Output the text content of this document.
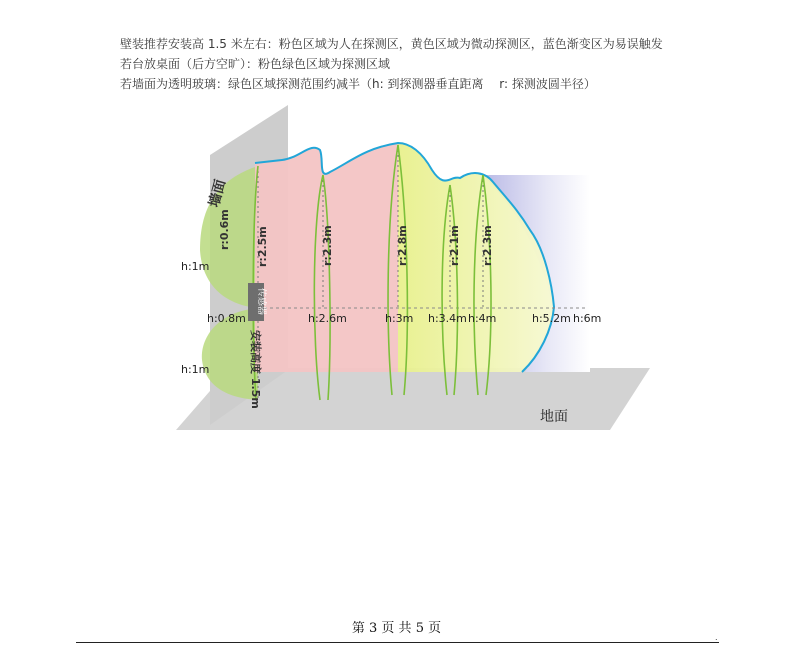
壁装推荐安装高 1.5 米左右：粉色区域为人在探测区，黄色区域为微动探测区，蓝色渐变区为易误触发
若台放桌面（后方空旷）：粉色绿色区域为探测区域
若墙面为透明玻璃：绿色区域探测范围约减半（h: 到探测器垂直距离　 r: 探测波圆半径）
墙面
地面
传感器
安装高度 1.5m
h:1m
h:1m
r:0.6m r:2.5m	r:2.3m	r:2.8m	r:2.1m r:2.3m
h:0.8m	h:2.6m	h:3m h:3.4m h:4m	h:5.2m h:6m
第 3 页 共 5 页
.
